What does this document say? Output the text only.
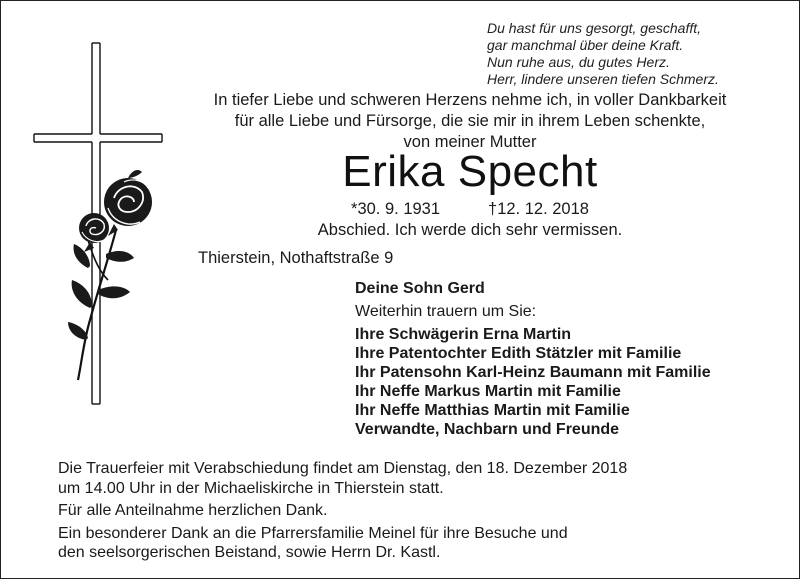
Du hast für uns gesorgt, geschafft,
gar manchmal über deine Kraft.
Nun ruhe aus, du gutes Herz.
Herr, lindere unseren tiefen Schmerz.
In tiefer Liebe und schweren Herzens nehme ich, in voller Dankbarkeit
für alle Liebe und Fürsorge, die sie mir in ihrem Leben schenkte,
von meiner Mutter
Erika Specht
*30. 9. 1931	†12. 12. 2018
Abschied. Ich werde dich sehr vermissen.
Thierstein, Nothaftstraße 9
Deine Sohn Gerd
Weiterhin trauern um Sie:
Ihre Schwägerin Erna Martin
Ihre Patentochter Edith Stätzler mit Familie
Ihr Patensohn Karl-Heinz Baumann mit Familie
Ihr Neffe Markus Martin mit Familie
Ihr Neffe Matthias Martin mit Familie
Verwandte, Nachbarn und Freunde
Die Trauerfeier mit Verabschiedung findet am Dienstag, den 18. Dezember 2018
um 14.00 Uhr in der Michaeliskirche in Thierstein statt.
Für alle Anteilnahme herzlichen Dank.
Ein besonderer Dank an die Pfarrersfamilie Meinel für ihre Besuche und
den seelsorgerischen Beistand, sowie Herrn Dr. Kastl.
